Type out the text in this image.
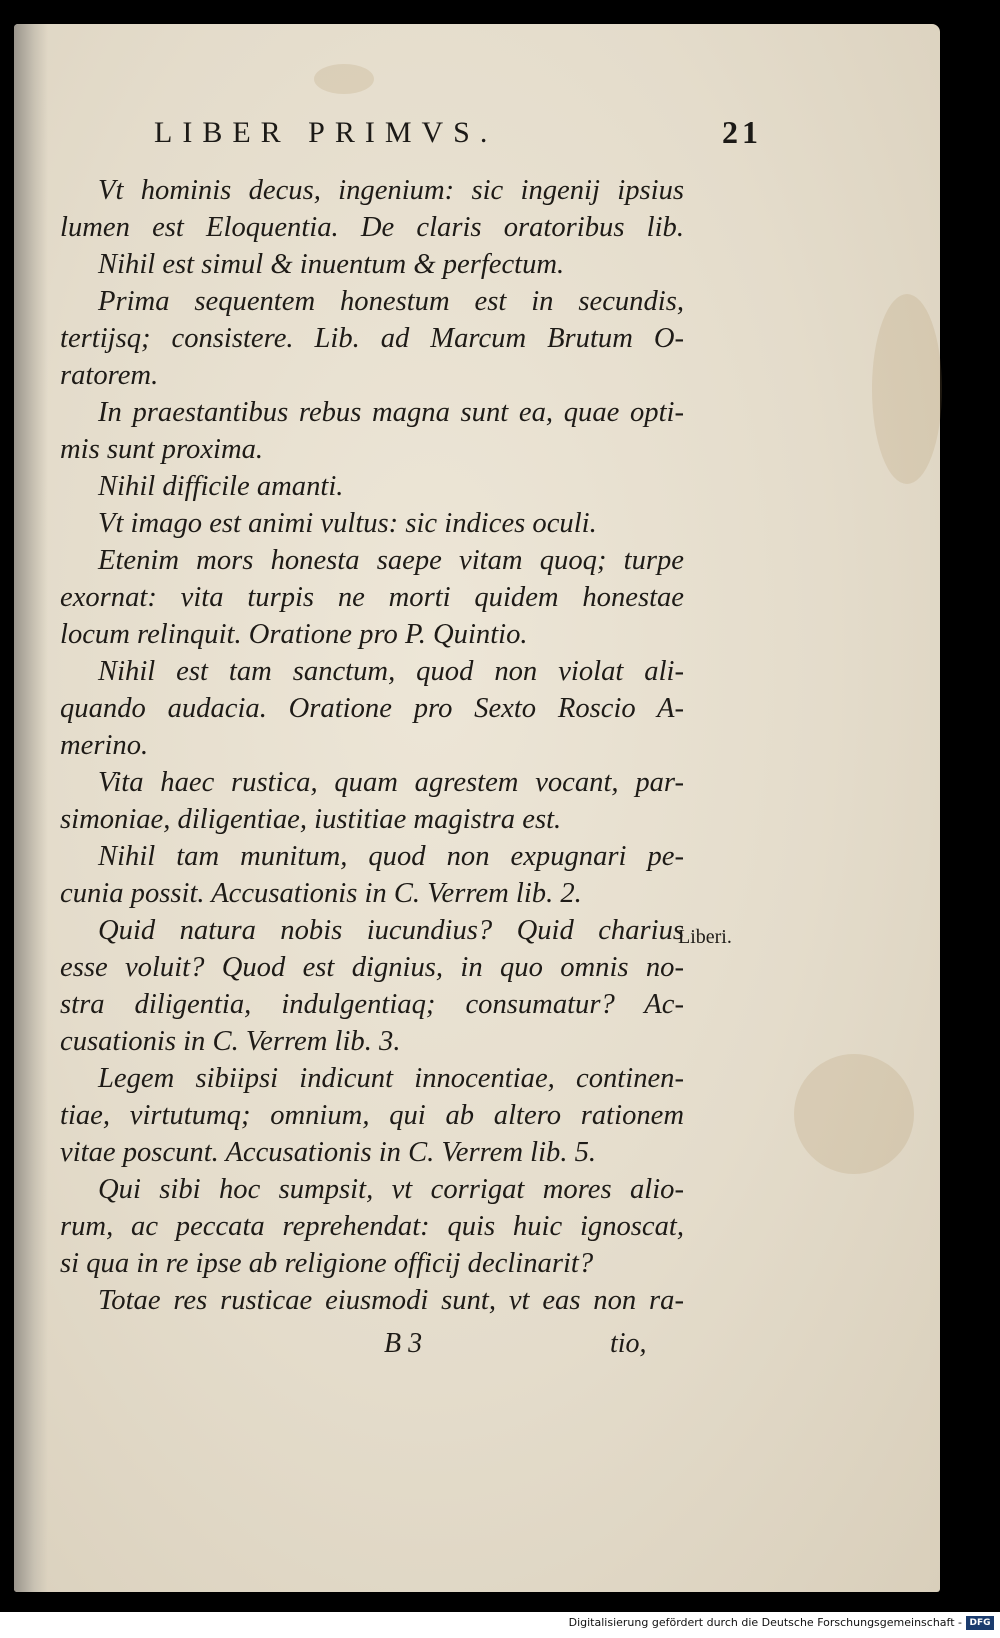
LIBER PRIMVS.	21
Vt hominis decus, ingenium: sic ingenij ipsius
lumen est Eloquentia. De claris oratoribus lib.
Nihil est simul & inuentum & perfectum.
Prima sequentem honestum est in secundis,
tertijsq; consistere. Lib. ad Marcum Brutum O-
ratorem.
In praestantibus rebus magna sunt ea, quae opti-
mis sunt proxima.
Nihil difficile amanti.
Vt imago est animi vultus: sic indices oculi.
Etenim mors honesta saepe vitam quoq; turpe
exornat: vita turpis ne morti quidem honestae
locum relinquit. Oratione pro P. Quintio.
Nihil est tam sanctum, quod non violat ali-
quando audacia. Oratione pro Sexto Roscio A-
merino.
Vita haec rustica, quam agrestem vocant, par-
simoniae, diligentiae, iustitiae magistra est.
Nihil tam munitum, quod non expugnari pe-
cunia possit. Accusationis in C. Verrem lib. 2.
Quid natura nobis iucundius? Quid charius
esse voluit? Quod est dignius, in quo omnis no-
stra diligentia, indulgentiaq; consumatur? Ac-
cusationis in C. Verrem lib. 3.
Legem sibiipsi indicunt innocentiae, continen-
tiae, virtutumq; omnium, qui ab altero rationem
vitae poscunt. Accusationis in C. Verrem lib. 5.
Qui sibi hoc sumpsit, vt corrigat mores alio-
rum, ac peccata reprehendat: quis huic ignoscat,
si qua in re ipse ab religione officij declinarit?
Totae res rusticae eiusmodi sunt, vt eas non ra-
Liberi.
B 3	tio,
Digitalisierung gefördert durch die Deutsche Forschungsgemeinschaft - DFG
